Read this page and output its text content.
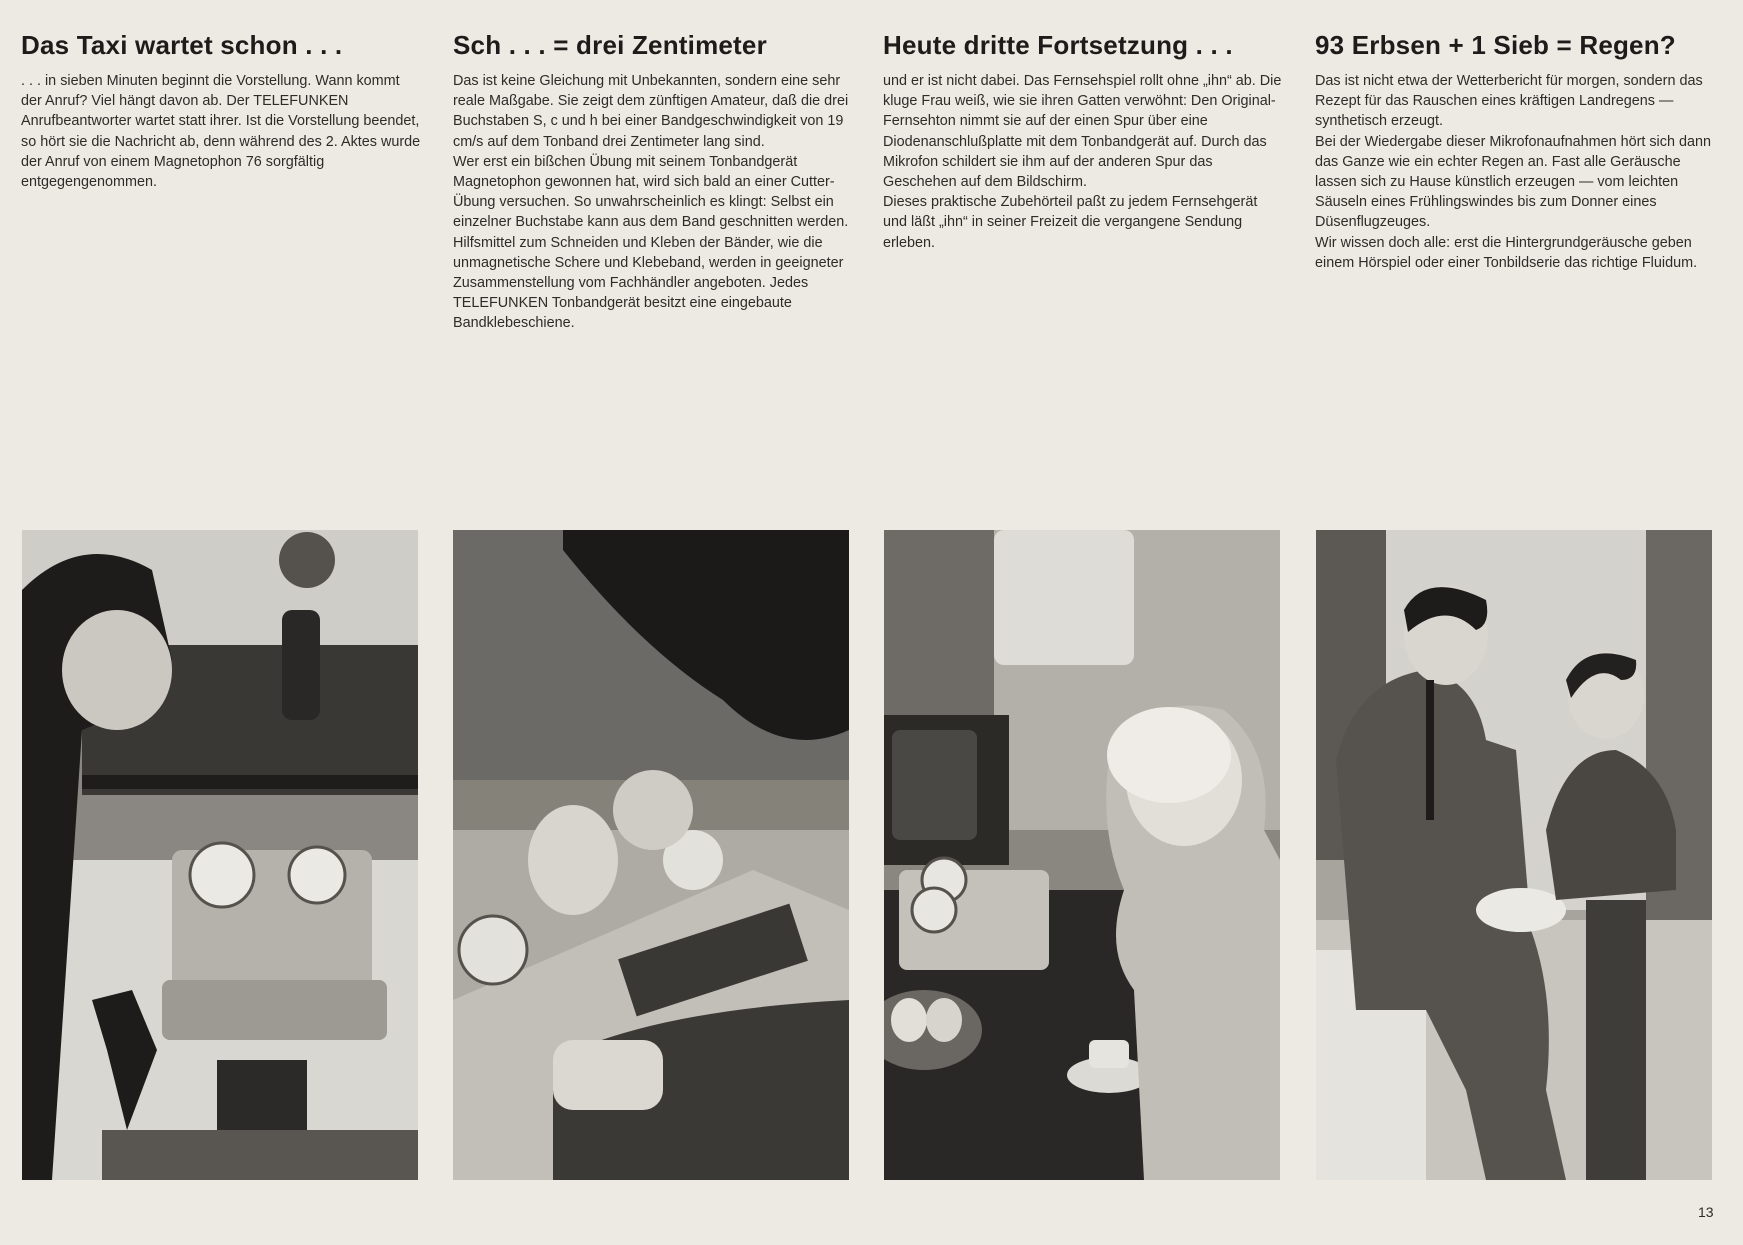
Das Taxi wartet schon . . .

. . . in sieben Minuten beginnt die Vorstellung. Wann kommt der Anruf? Viel hängt davon ab. Der TELEFUNKEN Anrufbeantworter wartet statt ihrer. Ist die Vorstellung beendet, so hört sie die Nachricht ab, denn während des 2. Aktes wurde der Anruf von einem Magnetophon 76 sorgfältig entgegengenommen.

Sch . . . = drei Zentimeter

Das ist keine Gleichung mit Unbekannten, sondern eine sehr reale Maßgabe. Sie zeigt dem zünftigen Amateur, daß die drei Buchstaben S, c und h bei einer Bandgeschwindigkeit von 19 cm/s auf dem Tonband drei Zentimeter lang sind.

Wer erst ein bißchen Übung mit seinem Tonbandgerät Magnetophon gewonnen hat, wird sich bald an einer Cutter-Übung versuchen. So unwahrscheinlich es klingt: Selbst ein einzelner Buchstabe kann aus dem Band geschnitten werden.

Hilfsmittel zum Schneiden und Kleben der Bänder, wie die unmagnetische Schere und Klebeband, werden in geeigneter Zusammenstellung vom Fachhändler angeboten. Jedes TELEFUNKEN Tonbandgerät besitzt eine eingebaute Bandklebeschiene.

Heute dritte Fortsetzung . . .

und er ist nicht dabei. Das Fernsehspiel rollt ohne „ihn“ ab. Die kluge Frau weiß, wie sie ihren Gatten verwöhnt: Den Original-Fernsehton nimmt sie auf der einen Spur über eine Diodenanschlußplatte mit dem Tonbandgerät auf. Durch das Mikrofon schildert sie ihm auf der anderen Spur das Geschehen auf dem Bildschirm.

Dieses praktische Zubehörteil paßt zu jedem Fernsehgerät und läßt „ihn“ in seiner Freizeit die vergangene Sendung erleben.

93 Erbsen + 1 Sieb = Regen?

Das ist nicht etwa der Wetterbericht für morgen, sondern das Rezept für das Rauschen eines kräftigen Landregens — synthetisch erzeugt.

Bei der Wiedergabe dieser Mikrofonaufnahmen hört sich dann das Ganze wie ein echter Regen an. Fast alle Geräusche lassen sich zu Hause künstlich erzeugen — vom leichten Säuseln eines Frühlingswindes bis zum Donner eines Düsenflugzeuges.

Wir wissen doch alle: erst die Hintergrundgeräusche geben einem Hörspiel oder einer Tonbildserie das richtige Fluidum.

13
